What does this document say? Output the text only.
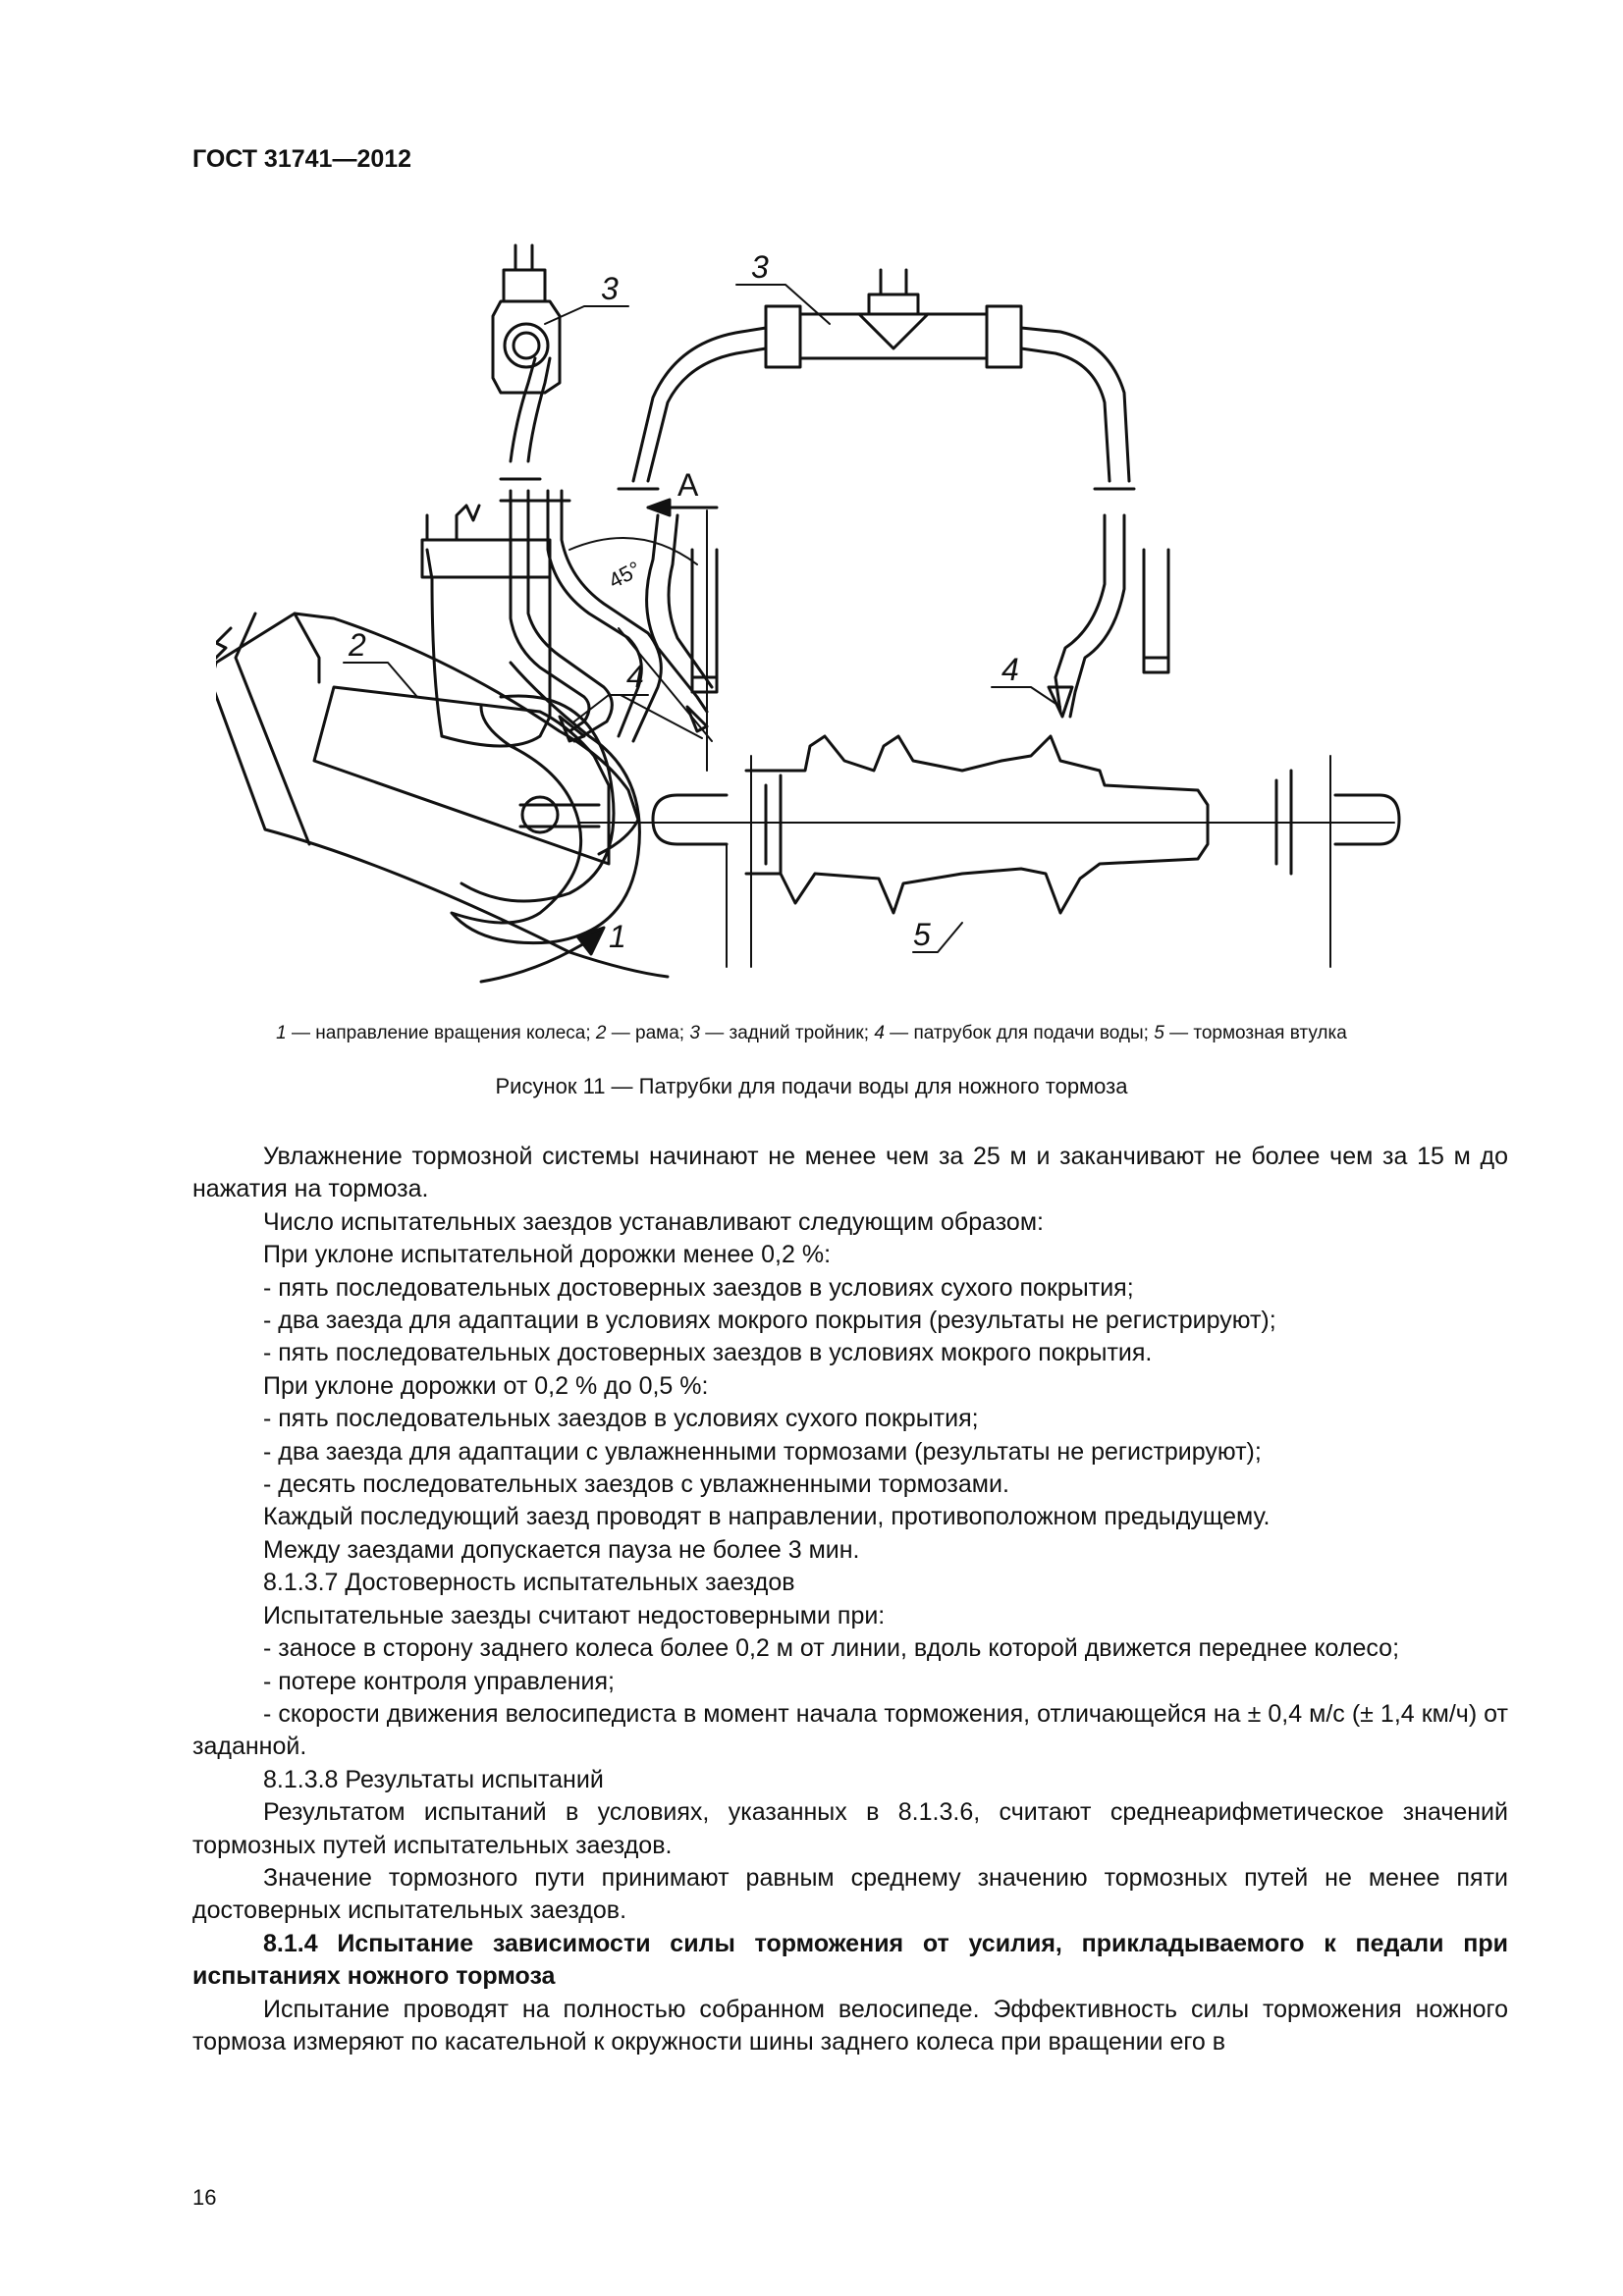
ГОСТ 31741—2012
3
3
2
4	4
5
1
А
45°
1 — направление вращения колеса; 2 — рама; 3 — задний тройник; 4 — патрубок для подачи воды; 5 — тормозная втулка
Рисунок 11 — Патрубки для подачи воды для ножного тормоза

Увлажнение тормозной системы начинают не менее чем за 25 м и заканчивают не более чем за 15 м до нажатия на тормоза.

Число испытательных заездов устанавливают следующим образом:

При уклоне испытательной дорожки менее 0,2 %:

- пять последовательных достоверных заездов в условиях сухого покрытия;

- два заезда для адаптации в условиях мокрого покрытия (результаты не регистрируют);

- пять последовательных достоверных заездов в условиях мокрого покрытия.

При уклоне дорожки от 0,2 % до 0,5 %:

- пять последовательных заездов в условиях сухого покрытия;

- два заезда для адаптации с увлажненными тормозами (результаты не регистрируют);

- десять последовательных заездов с увлажненными тормозами.

Каждый последующий заезд проводят в направлении, противоположном предыдущему.

Между заездами допускается пауза не более 3 мин.

8.1.3.7 Достоверность испытательных заездов

Испытательные заезды считают недостоверными при:

- заносе в сторону заднего колеса более 0,2 м от линии, вдоль которой движется переднее колесо;

- потере контроля управления;

- скорости движения велосипедиста в момент начала торможения, отличающейся на ± 0,4 м/с (± 1,4 км/ч) от заданной.

8.1.3.8 Результаты испытаний

Результатом испытаний в условиях, указанных в 8.1.3.6, считают среднеарифметическое значений тормозных путей испытательных заездов.

Значение тормозного пути принимают равным среднему значению тормозных путей не менее пяти достоверных испытательных заездов.

8.1.4 Испытание зависимости силы торможения от усилия, прикладываемого к педали при испытаниях ножного тормоза

Испытание проводят на полностью собранном велосипеде. Эффективность силы торможения ножного тормоза измеряют по касательной к окружности шины заднего колеса при вращении его в

16
